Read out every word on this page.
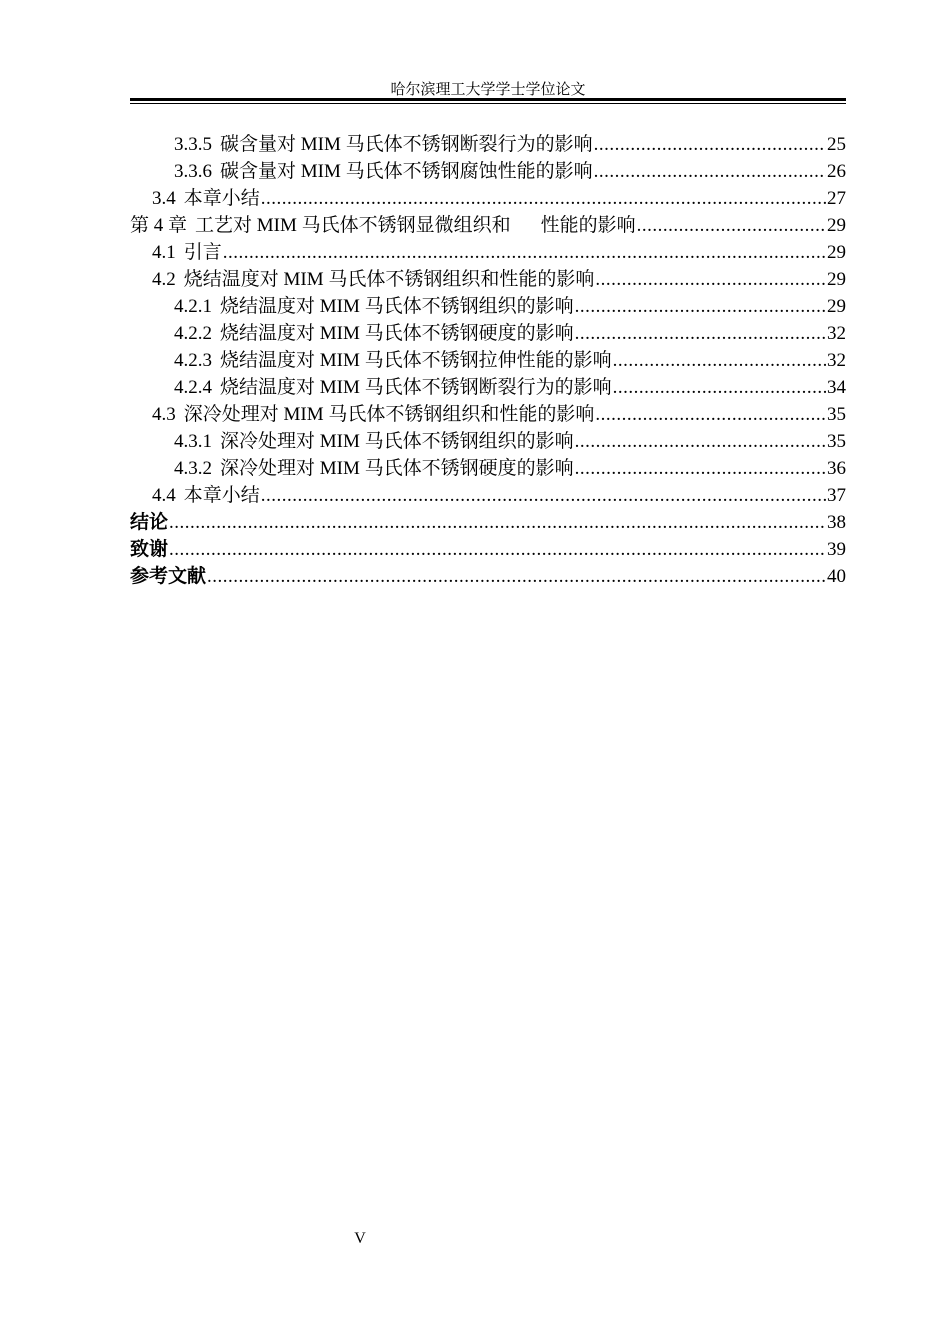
哈尔滨理工大学学士学位论文
3.3.5 碳含量对 MIM 马氏体不锈钢断裂行为的影响 .....	25
3.3.6 碳含量对 MIM 马氏体不锈钢腐蚀性能的影响 .....	26
3.4 本章小结 .....	27
第 4 章 工艺对 MIM 马氏体不锈钢显微组织和 性能的影响 .....	29
4.1 引言 .....	29
4.2 烧结温度对 MIM 马氏体不锈钢组织和性能的影响 .....	29
4.2.1 烧结温度对 MIM 马氏体不锈钢组织的影响 .....	29
4.2.2 烧结温度对 MIM 马氏体不锈钢硬度的影响 .....	32
4.2.3 烧结温度对 MIM 马氏体不锈钢拉伸性能的影响 .....	32
4.2.4 烧结温度对 MIM 马氏体不锈钢断裂行为的影响 .....	34
4.3 深冷处理对 MIM 马氏体不锈钢组织和性能的影响 .....	35
4.3.1 深冷处理对 MIM 马氏体不锈钢组织的影响 .....	35
4.3.2 深冷处理对 MIM 马氏体不锈钢硬度的影响 .....	36
4.4 本章小结 .....	37
结论 .....	38
致谢 .....	39
参考文献 .....	40
V
